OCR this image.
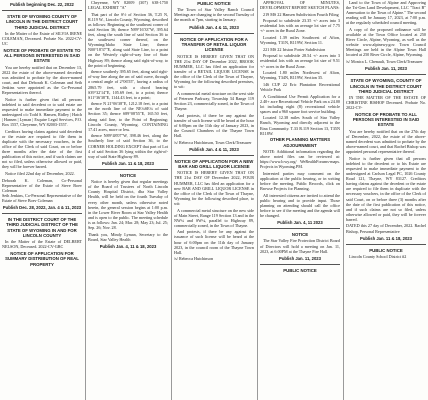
Publish beginning Dec. 22, 2022
STATE OF WYOMING COUNTY OF LINCOLN IN THE DISTRICT COURT THIRD JUDICIAL DISTRICT
In the Matter of the Estate of SILVIA IRENE COLEMAN, Deceased. Probate No. 2022-CV-UC
NOTICE OF PROBATE OF ESTATE TO ALL PERSONS INTERESTED IN SAID ESTATE
You are hereby notified that on December 13, 2022 the estate of the above-named decedent was admitted to probate by the above-named court, and that Deborah K. Coleman and Seth Jenkins were appointed as the Co-Personal Representatives thereof.
Notice is further given that all persons indebted to said decedent or to said estate are requested to make immediate payment to the undersigned c/o Todd S. Hansen, Ridley | Hatch | Hansen | Lyman | Esquire Legal Services, P.O. Box 1557, Cheyenne, WY 82003-1557.
Creditors having claims against said decedent or the estate are required to file them in duplicate with the necessary vouchers, in the office of the Clerk of said Court, on or before three months after the date of the first publication of this notice, and if such claims are not so filed, unless otherwise allowed or paid, they will be forever barred.
Notice filed 22nd day of December, 2022.
Deborah K. Coleman, Co-Personal Representative of the Estate of Steve Boev Coleman
Seth Jenkins, Co-Personal Representative of the Estate of Steve Boev Coleman
Publish Dec. 28, 2022, Jan. 4 & 11, 2023
IN THE DISTRICT COURT OF THE THIRD JUDICIAL DISTRICT OF THE STATE OF WYOMING IN AND FOR LINCOLN COUNTY
In the Matter of the Estate of DELBERT NELSON, Deceased. 2022-CV-GRC
NOTICE OF APPLICATION FOR SUMMARY DISTRIBUTION OF REAL PROPERTY
Cheyenne, WY 82009 (307) 638-1750 LEGAL EXHIBIT "A"
That part of the S½ of Section 36, T.25 N, R.119 W., Lincoln County, Wyoming, described as follows: Beginning at the southeast corner of said Section 36; thence N89°16'33"W, 395.64 feet, along the south line of said Section 36 to the southwest corner thereof, on the Wyoming/Idaho State Line; thence N00°18'37"E, along said State Line, to a point on the Westerly right-of-way line of State Highway 89; thence along said right-of-way, to the point of beginning.
thence southerly 395.65 feet, along said right-of-way line along the arc of said curve, through a central angle of 2°06'55", having a radius of 2865.79 feet, with a chord bearing S39°32'14"E, 105.69 feet, to a point; thence S11°36'38"E, 1144.43 feet, to a point;
thence N 21°06'38"E, 1212.18 feet, to a point on the north line of the NE¼SE¼ of said Section 35; thence S89°08'55"E, 165.50 feet, along said line, to the Point of Beginning; Lincoln County, Wyoming. CONTAINING 17.41 acres, more or less.
thence N89°48'07"W, 398.46 feet, along the Southerly line of said Section 36, to the CORNER HOLDING EXCEPT that part of Lot 4 of said Section 36 lying within the right-of-way of said State Highway 89.
Publish Jan. 11 & 18, 2023
NOTICE
Notice is hereby given that regular meetings of the Board of Trustees of North Lincoln County Hospital District, dba Star Valley Health, will be held on the fourth Tuesday of every other month, unless otherwise noted herein, the general session begins at 1:00 p.m. in the Lower River Room at Star Valley Health and is open to the public. The meeting schedule is as follows: Jan. 24; Mar. 28; May 23; Jul. 25; Sep. 26; Nov. 28.
Thank you, Mindy Lyman, Secretary to the Board, Star Valley Health
Publish Jan. 4, 11 & 18, 2023
PUBLIC NOTICE
The Town of Star Valley Ranch Council Meetings are changing to the second Tuesday of the month at 7pm, starting in January.
Publish Jan. 4 & 11, 2023
NOTICE OF APPLICATION FOR A TRANSFER OF RETAIL LIQUOR LICENSE
NOTICE IS HEREBY GIVEN THAT ON THE 21st DAY OF December 2022, BROOK HUMMER, LLC has filed an application for transfer of a RETAIL LIQUOR LICENSE in the office of the Clerk of the Town of Thayne, Wyoming for the following described premises, to wit:
A commercial metal structure on the west side of Petersen Parkway, Township 34 Range 119 Section 23, commercially zoned, in the Town of Thayne.
And protests, if there be any against the transfer of such license will be heard at the hour of 6:00pm on the 11th day of January 2023, in the Council Chambers of the Thayne Town Hall.
/s/ Rebecca Hutchinson, Town Clerk/Treasurer
Publish Jan. 4 & 11, 2023
NOTICE OF APPLICATION FOR A NEW BAR AND GRILL LIQUOR LICENSE
NOTICE IS HEREBY GIVEN THAT ON THE 21st DAY OF December 2022, FOUR HUMMER, LLC has filed an application for a new BAR AND GRILL LIQUOR LICENSE in the office of the Clerk of the Town of Thayne, Wyoming for the following described place, to wit:
A commercial metal structure on the new side of Main Street, Range 119 Section 13 and in the NW¼ and SW¼, parallel to Highway 89, commercially zoned, in the Town of Thayne.
And protests, if there be any against the issuance of such license will be heard at the hour of 6:00pm on the 11th day of January 2023, in the council room of the Thayne Town Hall.
/s/ Rebecca Hutchinson
APPROVAL OF MINUTES, DEVELOPMENT REPORT SKETCH PLANS:
219 MS 22 Hansen Subdivision Fourth Filing
Proposal to subdivide 23.35 +/- acres into 3 residential lots with an average lot size of 7.75 +/- acres in the Rural Zone.
Located 1.39 miles Southwest of Afton, Wyoming. T31N, R119W, Section 11.
221 MS 22 Iriston Porter Subdivision
Proposal to subdivide 28.54 +/- acres into 3 residential lots with an average lot size of 9.51 +/- acres in the Rural Zone.
Located 1.80 miles Northwest of Alton, Wyoming. T34N, R119W, Section 35.
146 CUP 22 Eric Plantation Recreational Vehicle Park
A Conditional Use Permit Application for a 2.40+ acre Recreational Vehicle Park on a 24.00 lot including eight (8) recreational vehicle spaces and a 960 square foot service building.
Located 12.38 miles South of Star Valley Ranch, Wyoming and directly adjacent to the Etna Community. T.33 R.119 Section 13, T35N R118W.
OTHER PLANNING MATTERS ADJOURNMENT
NOTE: Additional information regarding the above noted files can be reviewed at: https://www.lcwy.org/ WeRealthForums-maps. Projects in Wyoming.PM.
Interested parties may comment on the application at the public hearing, or in writing before the meeting. Public Records, click on Browse Projects for Planning.
All interested citizens are invited to attend the public hearing and to provide input. Those planning on attending should call the office before to see if the meeting and the agenda will be changed.
Publish Jan. 4, 11 2023
NOTICE
The Star Valley Fire Protection District Board of Directors will hold a meeting on Jan. 11, 2023, at 6:00PM at the Thayne Fire Hall.
Publish Jan. 11, 2023
PUBLIC NOTICE
Land to the Town of Alpine and Approving the Tri-Gen Land Development, LLC "Tract B" Annexation to the Town of Alpine." The second reading will be January 17, 2023, at 7:00 p.m. at the regularly scheduled council meeting.
A copy of the proposed ordinance will be available at the Town Office located at 250 River Circle, Alpine, Wyoming, as well as the website www.alpinewy.gov. Town Council Meetings are held in the Alpine Town Hall located at 250 River Circle, Alpine, Wyoming.
/s/ Monica L. Chenault, Town Clerk/Treasurer
Publish Jan. 11, 2023
STATE OF WYOMING, COUNTY OF LINCOLN IN THE DISTRICT COURT THIRD JUDICIAL DISTRICT
IN THE MATTER OF THE ESTATE OF CHRISTINE BISHOP Deceased. Probate No. 2022-CV-
NOTICE OF PROBATE TO ALL PERSONS INTERESTED IN SAID ESTATE
You are hereby notified that on the 27th day of December, 2022, the estate of the above-named decedent was admitted to probate by the above-named court, and that Rachel Bishop was appointed personal representative thereof.
Notice is further given that all persons indebted to the decedent or to his Estate are requested to make immediate payment to the undersigned at Carlson Legal PC, 1026 County Road 121, Thayne, WY 83127. Creditors having claims against the decedent or the estate are required to file them in duplicate with the necessary vouchers, in the office of the Clerk of said Court, on or before three (3) months after the date of the first publication of this notice, and if such claims are not so filed, unless otherwise allowed or paid, they will be forever barred.
DATED this 27 day of December, 2022. Rachel Bishop, Personal Representative
Publish Jan. 11 & 18, 2023
PUBLIC NOTICE
Lincoln County School District #2
